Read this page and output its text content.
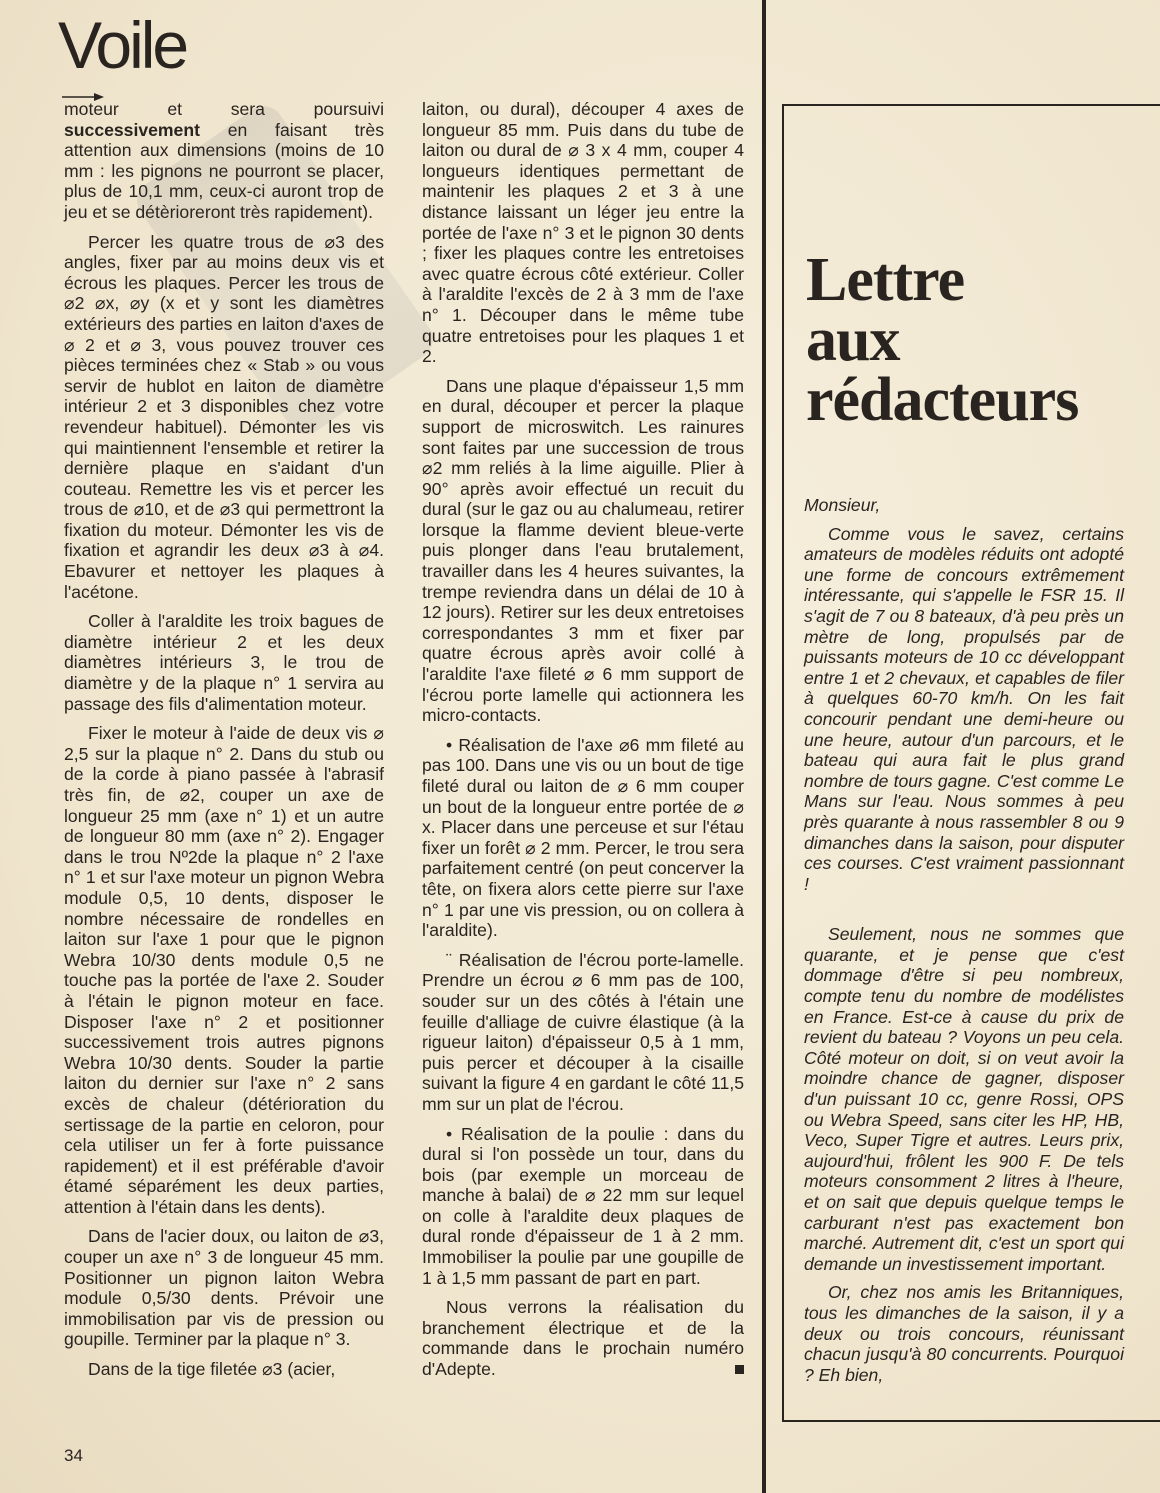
Voile

moteur et sera poursuivi successivement en faisant très attention aux dimensions (moins de 10 mm : les pignons ne pourront se placer, plus de 10,1 mm, ceux-ci auront trop de jeu et se détèrioreront très rapidement).

Percer les quatre trous de ⌀3 des angles, fixer par au moins deux vis et écrous les plaques. Percer les trous de ⌀2 ⌀x, ⌀y (x et y sont les diamètres extérieurs des parties en laiton d'axes de ⌀ 2 et ⌀ 3, vous pouvez trouver ces pièces terminées chez « Stab » ou vous servir de hublot en laiton de diamètre intérieur 2 et 3 disponibles chez votre revendeur habituel). Démonter les vis qui maintiennent l'ensemble et retirer la dernière plaque en s'aidant d'un couteau. Remettre les vis et percer les trous de ⌀10, et de ⌀3 qui permettront la fixation du moteur. Démonter les vis de fixation et agrandir les deux ⌀3 à ⌀4. Ebavurer et nettoyer les plaques à l'acétone.

Coller à l'araldite les troix bagues de diamètre intérieur 2 et les deux diamètres intérieurs 3, le trou de diamètre y de la plaque n° 1 servira au passage des fils d'alimentation moteur.

Fixer le moteur à l'aide de deux vis ⌀ 2,5 sur la plaque n° 2. Dans du stub ou de la corde à piano passée à l'abrasif très fin, de ⌀2, couper un axe de longueur 25 mm (axe n° 1) et un autre de longueur 80 mm (axe n° 2). Engager dans le trou Nº2de la plaque n° 2 l'axe n° 1 et sur l'axe moteur un pignon Webra module 0,5, 10 dents, disposer le nombre nécessaire de rondelles en laiton sur l'axe 1 pour que le pignon Webra 10/30 dents module 0,5 ne touche pas la portée de l'axe 2. Souder à l'étain le pignon moteur en face. Disposer l'axe n° 2 et positionner successivement trois autres pignons Webra 10/30 dents. Souder la partie laiton du dernier sur l'axe n° 2 sans excès de chaleur (détérioration du sertissage de la partie en celoron, pour cela utiliser un fer à forte puissance rapidement) et il est préférable d'avoir étamé séparément les deux parties, attention à l'étain dans les dents).

Dans de l'acier doux, ou laiton de ⌀3, couper un axe n° 3 de longueur 45 mm. Positionner un pignon laiton Webra module 0,5/30 dents. Prévoir une immobilisation par vis de pression ou goupille. Terminer par la plaque n° 3.

Dans de la tige filetée ⌀3 (acier,

laiton, ou dural), découper 4 axes de longueur 85 mm. Puis dans du tube de laiton ou dural de ⌀ 3 x 4 mm, couper 4 longueurs identiques permettant de maintenir les plaques 2 et 3 à une distance laissant un léger jeu entre la portée de l'axe n° 3 et le pignon 30 dents ; fixer les plaques contre les entretoises avec quatre écrous côté extérieur. Coller à l'araldite l'excès de 2 à 3 mm de l'axe n° 1. Découper dans le même tube quatre entretoises pour les plaques 1 et 2.

Dans une plaque d'épaisseur 1,5 mm en dural, découper et percer la plaque support de microswitch. Les rainures sont faites par une succession de trous ⌀2 mm reliés à la lime aiguille. Plier à 90° après avoir effectué un recuit du dural (sur le gaz ou au chalumeau, retirer lorsque la flamme devient bleue-verte puis plonger dans l'eau brutalement, travailler dans les 4 heures suivantes, la trempe reviendra dans un délai de 10 à 12 jours). Retirer sur les deux entretoises correspondantes 3 mm et fixer par quatre écrous après avoir collé à l'araldite l'axe fileté ⌀ 6 mm support de l'écrou porte lamelle qui actionnera les micro-contacts.

• Réalisation de l'axe ⌀6 mm fileté au pas 100. Dans une vis ou un bout de tige fileté dural ou laiton de ⌀ 6 mm couper un bout de la longueur entre portée de ⌀ x. Placer dans une perceuse et sur l'étau fixer un forêt ⌀ 2 mm. Percer, le trou sera parfaitement centré (on peut concerver la tête, on fixera alors cette pierre sur l'axe n° 1 par une vis pression, ou on collera à l'araldite).

¨ Réalisation de l'écrou porte-lamelle. Prendre un écrou ⌀ 6 mm pas de 100, souder sur un des côtés à l'étain une feuille d'alliage de cuivre élastique (à la rigueur laiton) d'épaisseur 0,5 à 1 mm, puis percer et découper à la cisaille suivant la figure 4 en gardant le côté 11,5 mm sur un plat de l'écrou.

• Réalisation de la poulie : dans du dural si l'on possède un tour, dans du bois (par exemple un morceau de manche à balai) de ⌀ 22 mm sur lequel on colle à l'araldite deux plaques de dural ronde d'épaisseur de 1 à 2 mm. Immobiliser la poulie par une goupille de 1 à 1,5 mm passant de part en part.

Nous verrons la réalisation du branchement électrique et de la commande dans le prochain numéro d'Adepte.

Lettre
aux
rédacteurs

Monsieur,

Comme vous le savez, certains amateurs de modèles réduits ont adopté une forme de concours extrêmement intéressante, qui s'appelle le FSR 15. Il s'agit de 7 ou 8 bateaux, d'à peu près un mètre de long, propulsés par de puissants moteurs de 10 cc développant entre 1 et 2 chevaux, et capables de filer à quelques 60-70 km/h. On les fait concourir pendant une demi-heure ou une heure, autour d'un parcours, et le bateau qui aura fait le plus grand nombre de tours gagne. C'est comme Le Mans sur l'eau. Nous sommes à peu près quarante à nous rassembler 8 ou 9 dimanches dans la saison, pour disputer ces courses. C'est vraiment passionnant !

Seulement, nous ne sommes que quarante, et je pense que c'est dommage d'être si peu nombreux, compte tenu du nombre de modélistes en France. Est-ce à cause du prix de revient du bateau ? Voyons un peu cela. Côté moteur on doit, si on veut avoir la moindre chance de gagner, disposer d'un puissant 10 cc, genre Rossi, OPS ou Webra Speed, sans citer les HP, HB, Veco, Super Tigre et autres. Leurs prix, aujourd'hui, frôlent les 900 F. De tels moteurs consomment 2 litres à l'heure, et on sait que depuis quelque temps le carburant n'est pas exactement bon marché. Autrement dit, c'est un sport qui demande un investissement important.

Or, chez nos amis les Britanniques, tous les dimanches de la saison, il y a deux ou trois concours, réunissant chacun jusqu'à 80 concurrents. Pourquoi ? Eh bien,

34
